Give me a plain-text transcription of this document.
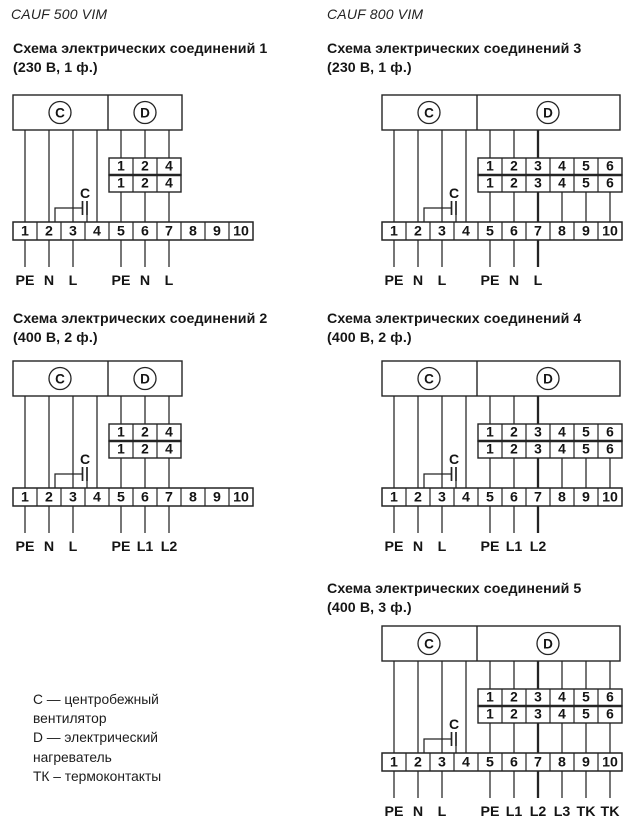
CAUF 500 VIM	CAUF 800 VIM
Схема электрических соединений 1
(230 В, 1 ф.)
Схема электрических соединений 3
(230 В, 1 ф.)
Схема электрических соединений 2
(400 В, 2 ф.)
Схема электрических соединений 4
(400 В, 2 ф.)
Схема электрических соединений 5
(400 В, 3 ф.)
C
C	D
1 2 4
1 2 4
1 2 3 4 5 6 7 8 9 10
PE N L PE N L
C
C	D
1 2 4
1 2 4
1 2 3 4 5 6 7 8 9 10
PE N L PE L1 L2
C
C	D
1 2 3 4 5 6
1 2 3 4 5 6
1 2 3 4 5 6 7 8 9 10
PE N L PE N L
C
C	D
1 2 3 4 5 6
1 2 3 4 5 6
1 2 3 4 5 6 7 8 9 10
PE N L PE L1 L2
C
C	D
1 2 3 4 5 6
1 2 3 4 5 6
1 2 3 4 5 6 7 8 9 10
PE N L PE L1 L2 L3 TK TK
C — центробежный
вентилятор
D — электрический
нагреватель
ТК – термоконтакты
